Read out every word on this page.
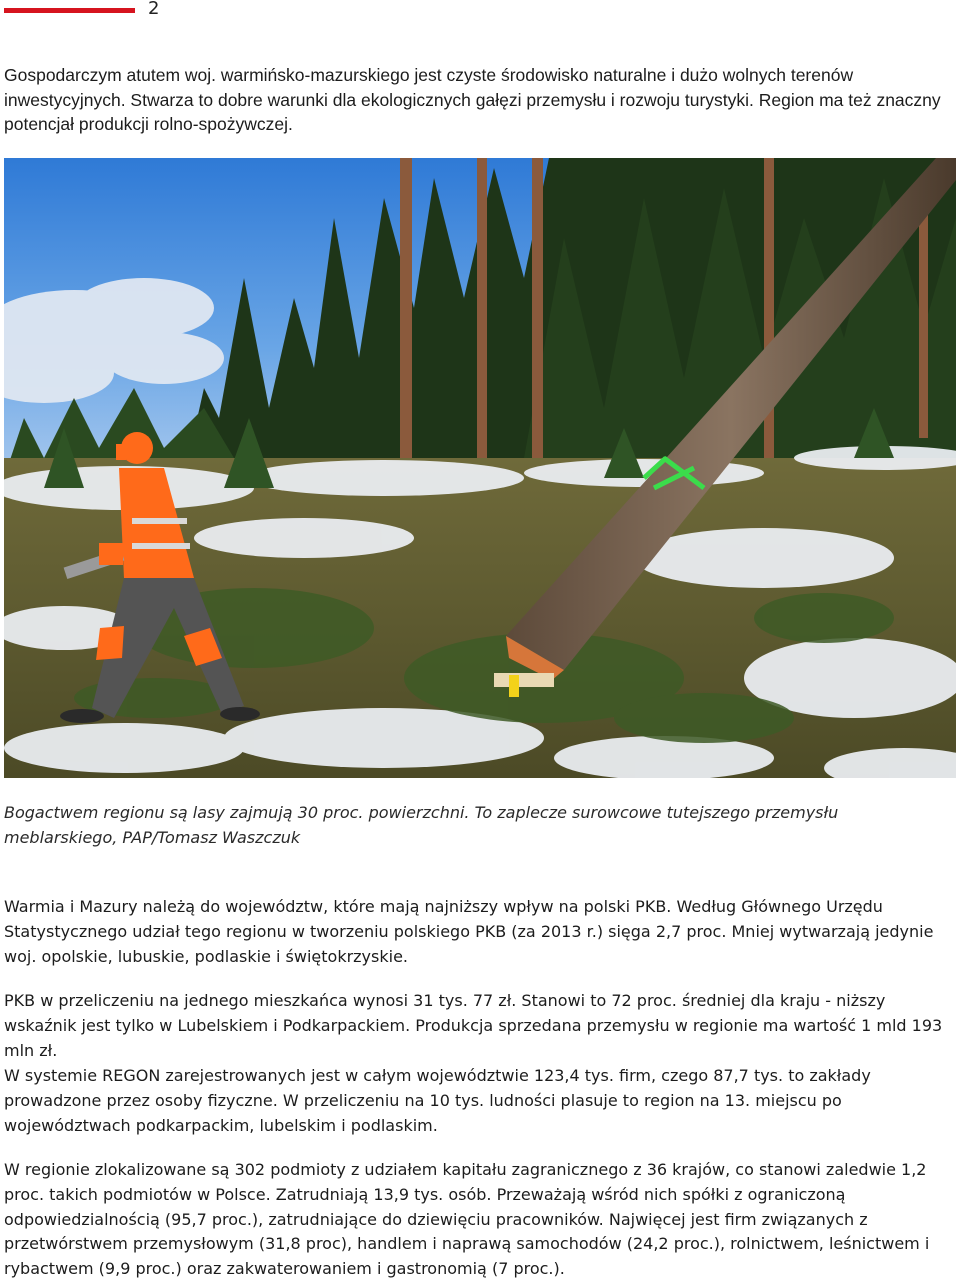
2

Gospodarczym atutem woj. warmińsko-mazurskiego jest czyste środowisko naturalne i dużo wolnych terenów inwestycyjnych. Stwarza to dobre warunki dla ekologicznych gałęzi przemysłu i rozwoju turystyki. Region ma też znaczny potencjał produkcji rolno-spożywczej.

Bogactwem regionu są lasy zajmują 30 proc. powierzchni. To zaplecze surowcowe tutejszego przemysłu meblarskiego, PAP/Tomasz Waszczuk

Warmia i Mazury należą do województw, które mają najniższy wpływ na polski PKB. Według Głównego Urzędu Statystycznego udział tego regionu w tworzeniu polskiego PKB (za 2013 r.) sięga 2,7 proc. Mniej wytwarzają jedynie woj. opolskie, lubuskie, podlaskie i świętokrzyskie.

PKB w przeliczeniu na jednego mieszkańca wynosi 31 tys. 77 zł. Stanowi to 72 proc. średniej dla kraju - niższy wskaźnik jest tylko w Lubelskiem i Podkarpackiem. Produkcja sprzedana przemysłu w regionie ma wartość 1 mld 193 mln zł.

W systemie REGON zarejestrowanych jest w całym województwie 123,4 tys. firm, czego 87,7 tys. to zakłady prowadzone przez osoby fizyczne. W przeliczeniu na 10 tys. ludności plasuje to region na 13. miejscu po województwach podkarpackim, lubelskim i podlaskim.

W regionie zlokalizowane są 302 podmioty z udziałem kapitału zagranicznego z 36 krajów, co stanowi zaledwie 1,2 proc. takich podmiotów w Polsce. Zatrudniają 13,9 tys. osób. Przeważają wśród nich spółki z ograniczoną odpowiedzialnością (95,7 proc.), zatrudniające do dziewięciu pracowników. Najwięcej jest firm związanych z przetwórstwem przemysłowym (31,8 proc), handlem i naprawą samochodów (24,2 proc.), rolnictwem, leśnictwem i rybactwem (9,9 proc.) oraz zakwaterowaniem i gastronomią (7 proc.).
